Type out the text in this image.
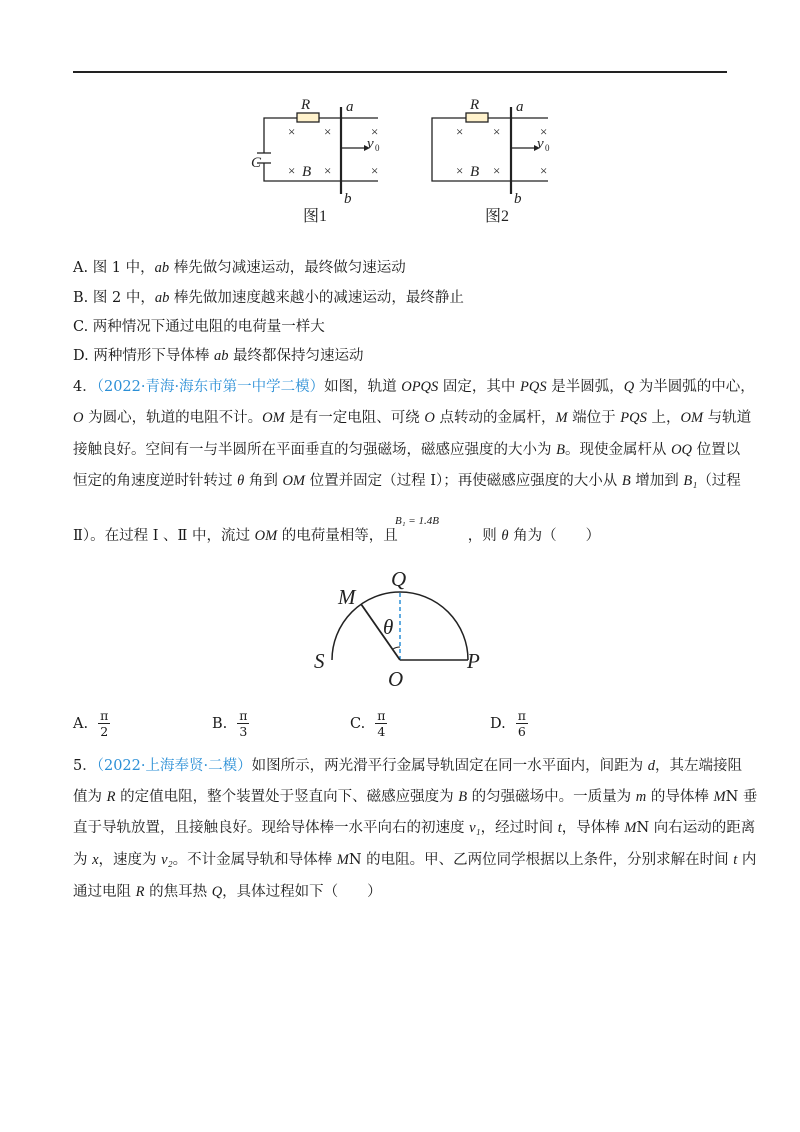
× ×	×
× ×	×
× ×	×
× ×	×
R a
b
C
B
v 0
R a
b
B
v 0
图1	图2
A. 图 1 中，ab 棒先做匀减速运动，最终做匀速运动
B. 图 2 中，ab 棒先做加速度越来越小的减速运动，最终静止
C. 两种情况下通过电阻的电荷量一样大
D. 两种情形下导体棒 ab 最终都保持匀速运动
4．（2022·青海·海东市第一中学二模）如图，轨道 OPQS 固定，其中 PQS 是半圆弧，Q 为半圆弧的中心，
O 为圆心，轨道的电阻不计。OM 是有一定电阻、可绕 O 点转动的金属杆，M 端位于 PQS 上，OM 与轨道
接触良好。空间有一与半圆所在平面垂直的匀强磁场，磁感应强度的大小为 B。现使金属杆从 OQ 位置以
恒定的角速度逆时针转过 θ 角到 OM 位置并固定（过程 Ⅰ）；再使磁感应强度的大小从 B 增加到 B₁（过程
B₁ = 1.4B
Ⅱ）。在过程 Ⅰ 、Ⅱ 中，流过 OM 的电荷量相等，且	，则 θ 角为（　　）
M
Q
S	P
O
θ
A. $\frac{\pi}{2}$	B. $\frac{\pi}{3}$	C. $\frac{\pi}{4}$	D. $\frac{\pi}{6}$
5．（2022·上海奉贤·二模）如图所示，两光滑平行金属导轨固定在同一水平面内，间距为 d，其左端接阻
值为 R 的定值电阻，整个装置处于竖直向下、磁感应强度为 B 的匀强磁场中。一质量为 m 的导体棒 MN 垂
直于导轨放置，且接触良好。现给导体棒一水平向右的初速度 v₁，经过时间 t，导体棒 MN 向右运动的距离
为 x，速度为 v₂。不计金属导轨和导体棒 MN 的电阻。甲、乙两位同学根据以上条件，分别求解在时间 t 内
通过电阻 R 的焦耳热 Q，具体过程如下（　　）
